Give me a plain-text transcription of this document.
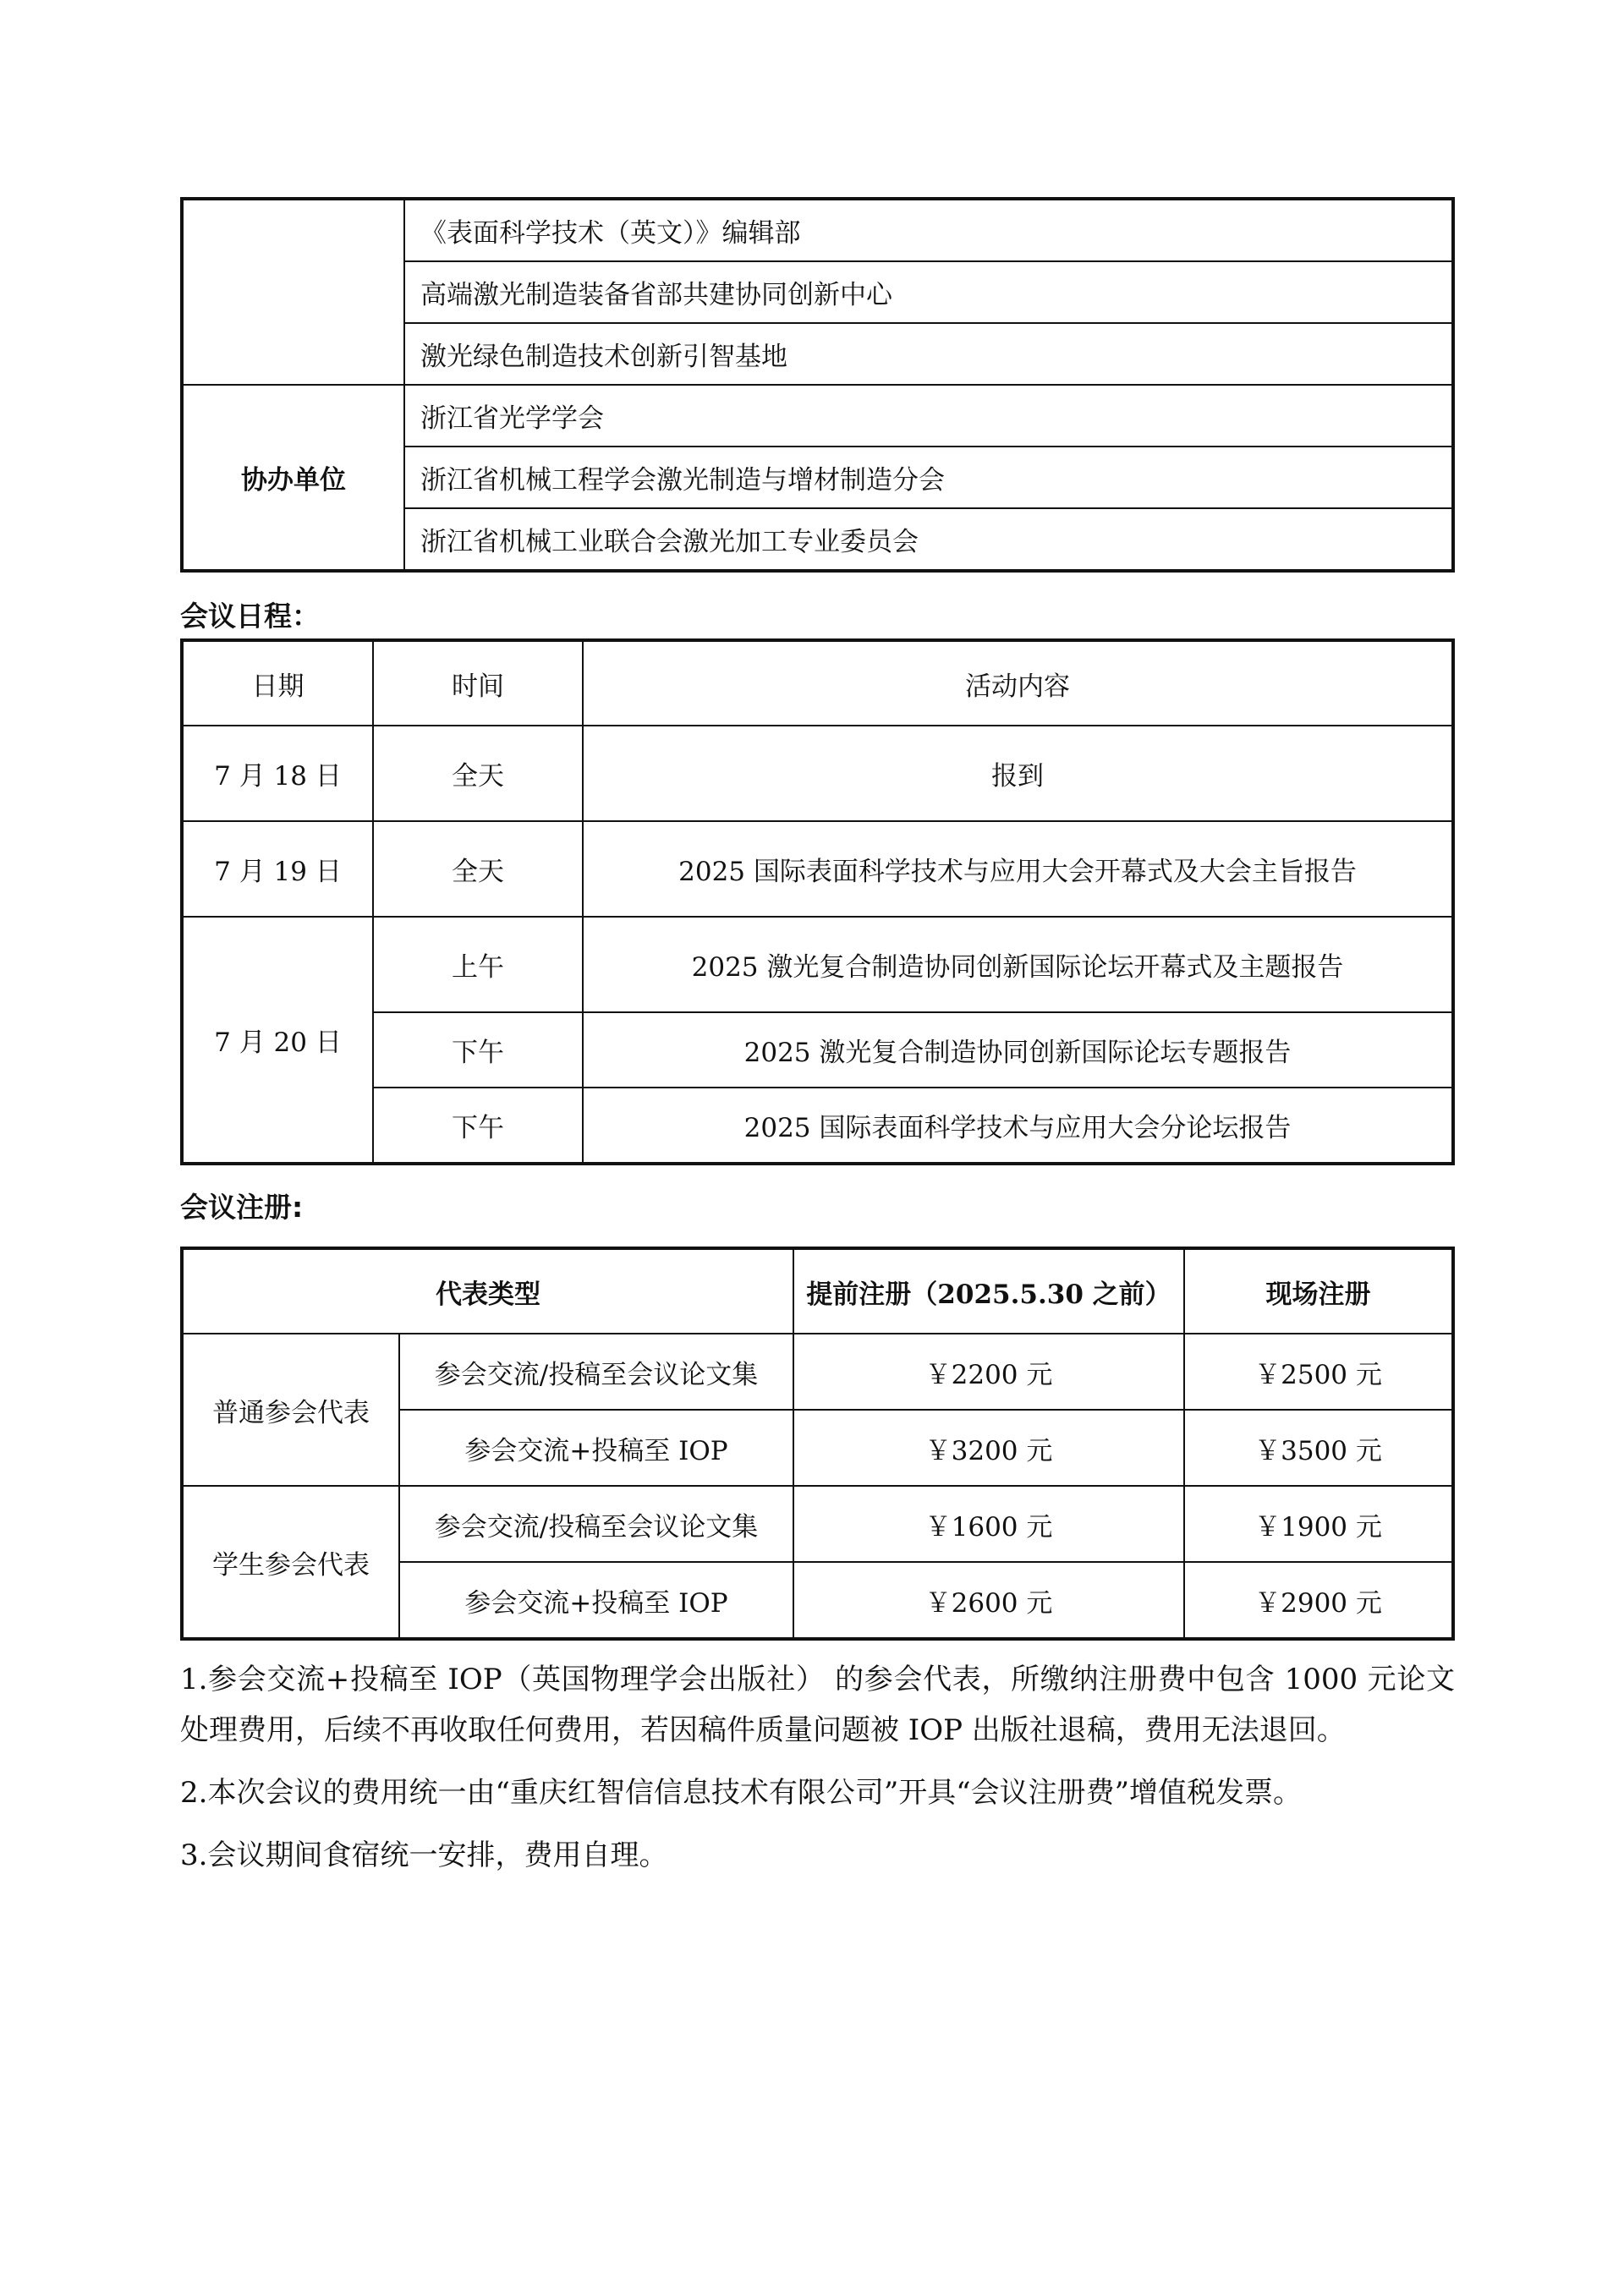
	《表面科学技术（英文）》编辑部
	高端激光制造装备省部共建协同创新中心
	激光绿色制造技术创新引智基地
协办单位	浙江省光学学会
	浙江省机械工程学会激光制造与增材制造分会
	浙江省机械工业联合会激光加工专业委员会

会议日程：

日期	时间	活动内容
7 月 18 日	全天	报到
7 月 19 日	全天	2025 国际表面科学技术与应用大会开幕式及大会主旨报告
7 月 20 日	上午	2025 激光复合制造协同创新国际论坛开幕式及主题报告
	下午	2025 激光复合制造协同创新国际论坛专题报告
	下午	2025 国际表面科学技术与应用大会分论坛报告

会议注册:

代表类型		提前注册（2025.5.30 之前）	现场注册
普通参会代表	参会交流/投稿至会议论文集	￥2200 元	￥2500 元
	参会交流+投稿至 IOP	￥3200 元	￥3500 元
学生参会代表	参会交流/投稿至会议论文集	￥1600 元	￥1900 元
	参会交流+投稿至 IOP	￥2600 元	￥2900 元

1.参会交流+投稿至 IOP（英国物理学会出版社） 的参会代表，所缴纳注册费中包含 1000 元论文处理费用，后续不再收取任何费用，若因稿件质量问题被 IOP 出版社退稿，费用无法退回。

2.本次会议的费用统一由“重庆红智信信息技术有限公司”开具“会议注册费”增值税发票。

3.会议期间食宿统一安排，费用自理。
